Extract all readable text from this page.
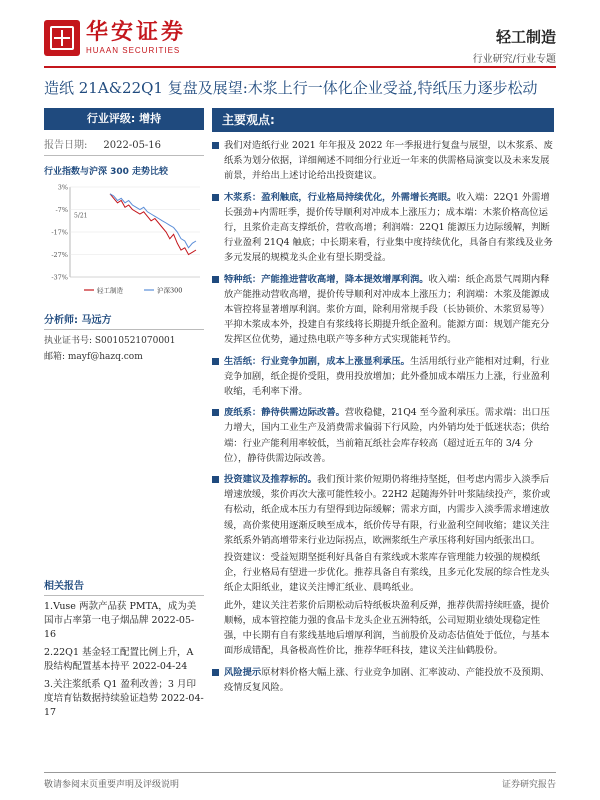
华安证券
HUAAN SECURITIES
轻工制造
行业研究/行业专题
造纸 21A&22Q1 复盘及展望:木浆上行一体化企业受益,特纸压力逐步松动
行业评级: 增持
报告日期: 2022-05-16
行业指数与沪深 300 走势比较
3%
-7%
-17%
-27%
-37%
5/21
轻工制造	沪深300
分析师: 马远方
执业证书号: S0010521070001
邮箱: mayf@hazq.com
相关报告
1.Vuse 两款产品获 PMTA，成为美国市占率第一电子烟品牌 2022-05-16
2.22Q1 基金轻工配置比例上升，A 股结构配置基本持平 2022-04-24
3.关注浆纸系 Q1 盈利改善；3 月印度培育钻数据持续验证趋势 2022-04-17
主要观点:
我们对造纸行业 2021 年年报及 2022 年一季报进行复盘与展望，以木浆系、废纸系为划分依据，详细阐述不同细分行业近一年来的供需格局演变以及未来发展前景，并给出上述讨论给出投资建议。
木浆系：盈利触底，行业格局持续优化，外需增长亮眼。收入端：22Q1 外需增长强劲+内需旺季，提价传导顺利对冲成本上涨压力；成本端：木浆价格高位运行，且浆价走高支撑纸价，营收高增；利润端：22Q1 能源压力边际缓解，判断行业盈利 21Q4 触底；中长期来看，行业集中度持续优化，具备自有浆线及业务多元发展的规模龙头企业有望长期受益。
特种纸：产能推进营收高增，降本提效增厚利润。收入端：纸企高景气周期内释放产能推动营收高增，提价传导顺利对冲成本上涨压力；利润端：木浆及能源成本管控将显著增厚利润。浆价方面，除利用常规手段（长协锁价、木浆贸易等）平抑木浆成本外，投建自有浆线将长期提升纸企盈利。能源方面：规划产能充分发挥区位优势，通过热电联产等多种方式实现能耗节约。
生活纸：行业竞争加剧，成本上涨显利承压。生活用纸行业产能相对过剩，行业竞争加剧，纸企提价受阻，费用投放增加；此外叠加成本端压力上涨，行业盈利收缩，毛利率下滑。
废纸系：静待供需边际改善。营收稳健，21Q4 至今盈利承压。需求端：出口压力增大，国内工业生产及消费需求偏弱下行风险，内外销均处于低迷状态；供给端：行业产能利用率较低，当前箱瓦纸社会库存较高（超过近五年的 3/4 分位），静待供需边际改善。
投资建议及推荐标的。我们预计浆价短期仍将维持坚挺，但考虑内需步入淡季后增速放缓，浆价再次大涨可能性较小。22H2 起随海外针叶浆陆续投产，浆价或有松动，纸企成本压力有望得到边际缓解；需求方面，内需步入淡季需求增速放缓，高价浆使用逐渐反映至成本，纸价传导有限，行业盈利空间收缩；建议关注浆纸系外销高增带来行业边际拐点，欧洲浆纸生产承压将利好国内纸张出口。
投资建议：受益短期坚挺利好具备自有浆线或木浆库存管理能力较强的规模纸企，行业格局有望进一步优化。推荐具备自有浆线，且多元化发展的综合性龙头纸企太阳纸业，建议关注博汇纸业、晨鸣纸业。
此外，建议关注若浆价后期松动后特纸板块盈利反弹，推荐供需持续旺盛，提价顺畅，成本管控能力强的食品卡龙头企业五洲特纸，公司短期业绩处现稳定性强，中长期有自有浆线基地后增厚利润，当前股价及动态估值处于低位，与基本面形成错配，具备极高性价比，推荐华旺科技，建议关注仙鹤股份。
风险提示原材料价格大幅上涨、行业竞争加剧、汇率波动、产能投放不及预期、疫情反复风险。
敬请参阅末页重要声明及评级说明	证券研究报告
